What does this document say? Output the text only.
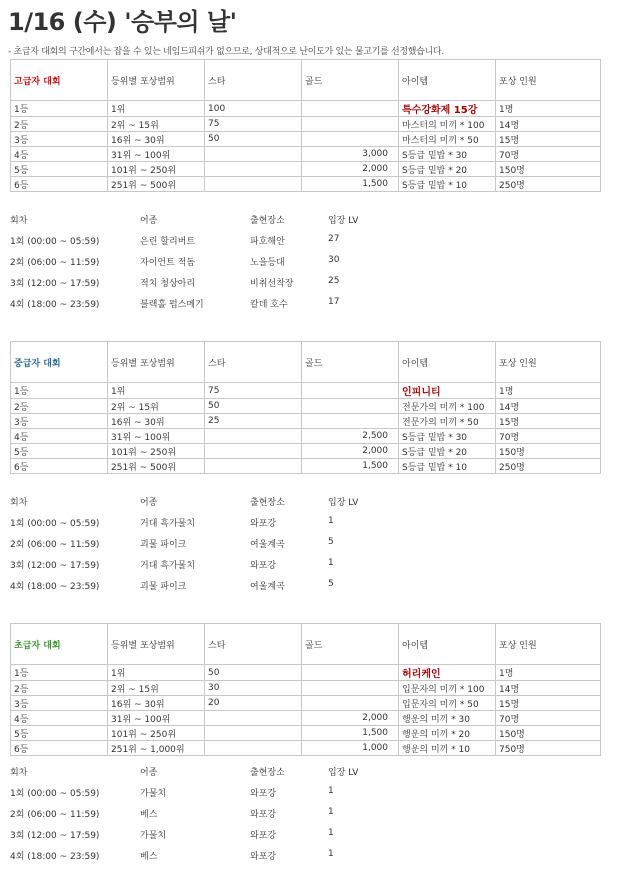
1/16 (수) '승부의 날'
- 초급자 대회의 구간에서는 잡을 수 있는 네임드피쉬가 없으므로, 상대적으로 난이도가 있는 물고기를 선정했습니다.
고급자 대회	등위별 포상범위	스타	골드	아이템	포상 인원
1등	1위	100		특수강화제 15강	1명
2등	2위 ~ 15위	75		마스터의 미끼 * 100	14명
3등	16위 ~ 30위	50		마스터의 미끼 * 50	15명
4등	31위 ~ 100위		3,000	S등급 밑밥 * 30	70명
5등	101위 ~ 250위		2,000	S등급 밑밥 * 20	150명
6등	251위 ~ 500위		1,500	S등급 밑밥 * 10	250명
회차	어종	출현장소	입장 LV
1회 (00:00 ~ 05:59)	은린 할리버트	파호해안	27
2회 (06:00 ~ 11:59)	자이언트 적돔	노을등대	30
3회 (12:00 ~ 17:59)	적치 청상아리	비취선착장	25
4회 (18:00 ~ 23:59)	블랙홀 펍스메기	칼데 호수	17
중급자 대회	등위별 포상범위	스타	골드	아이템	포상 인원
1등	1위	75		인피니티	1명
2등	2위 ~ 15위	50		전문가의 미끼 * 100	14명
3등	16위 ~ 30위	25		전문가의 미끼 * 50	15명
4등	31위 ~ 100위		2,500	S등급 밑밥 * 30	70명
5등	101위 ~ 250위		2,000	S등급 밑밥 * 20	150명
6등	251위 ~ 500위		1,500	S등급 밑밥 * 10	250명
회차	어종	출현장소	입장 LV
1회 (00:00 ~ 05:59)	거대 흑가물치	와포강	1
2회 (06:00 ~ 11:59)	괴물 파이크	여울계곡	5
3회 (12:00 ~ 17:59)	거대 흑가물치	와포강	1
4회 (18:00 ~ 23:59)	괴물 파이크	여울계곡	5
초급자 대회	등위별 포상범위	스타	골드	아이템	포상 인원
1등	1위	50		허리케인	1명
2등	2위 ~ 15위	30		입문자의 미끼 * 100	14명
3등	16위 ~ 30위	20		입문자의 미끼 * 50	15명
4등	31위 ~ 100위		2,000	행운의 미끼 * 30	70명
5등	101위 ~ 250위		1,500	행운의 미끼 * 20	150명
6등	251위 ~ 1,000위		1,000	행운의 미끼 * 10	750명
회차	어종	출현장소	입장 LV
1회 (00:00 ~ 05:59)	가물치	와포강	1
2회 (06:00 ~ 11:59)	베스	와포강	1
3회 (12:00 ~ 17:59)	가물치	와포강	1
4회 (18:00 ~ 23:59)	베스	와포강	1
